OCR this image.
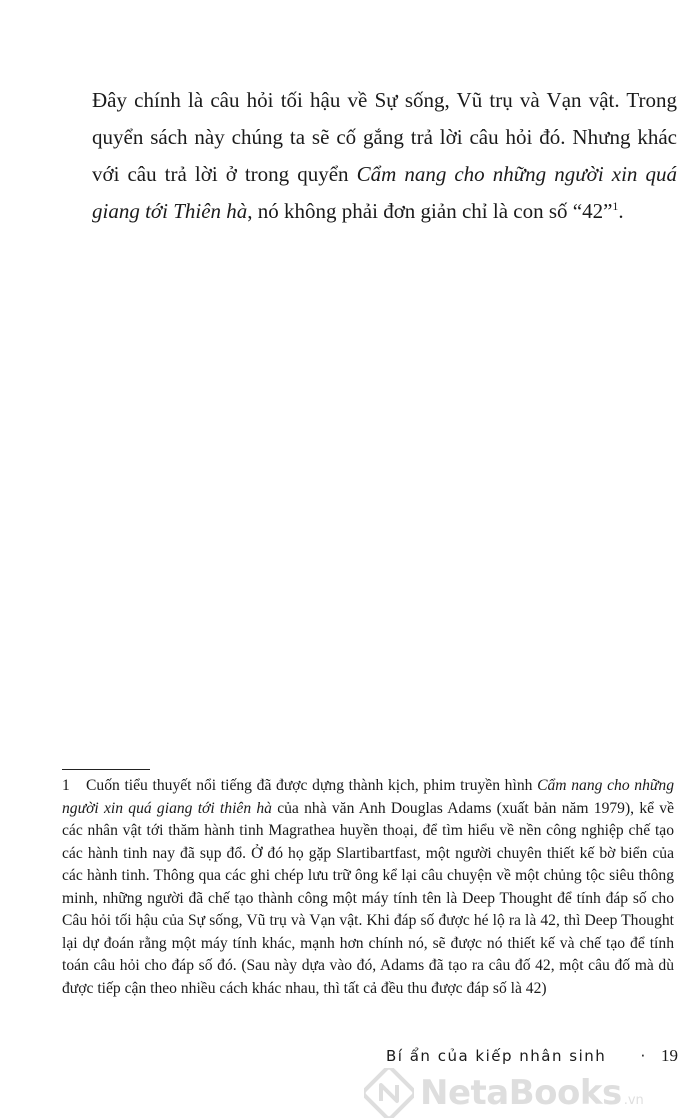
Đây chính là câu hỏi tối hậu về Sự sống, Vũ trụ và Vạn vật. Trong quyển sách này chúng ta sẽ cố gắng trả lời câu hỏi đó. Nhưng khác với câu trả lời ở trong quyển Cẩm nang cho những người xin quá giang tới Thiên hà, nó không phải đơn giản chỉ là con số “42”$^1$.

1 Cuốn tiểu thuyết nổi tiếng đã được dựng thành kịch, phim truyền hình Cẩm nang cho những người xin quá giang tới thiên hà của nhà văn Anh Douglas Adams (xuất bản năm 1979), kể về các nhân vật tới thăm hành tinh Magrathea huyền thoại, để tìm hiểu về nền công nghiệp chế tạo các hành tinh nay đã sụp đổ. Ở đó họ gặp Slartibartfast, một người chuyên thiết kế bờ biển của các hành tinh. Thông qua các ghi chép lưu trữ ông kể lại câu chuyện về một chủng tộc siêu thông minh, những người đã chế tạo thành công một máy tính tên là Deep Thought để tính đáp số cho Câu hỏi tối hậu của Sự sống, Vũ trụ và Vạn vật. Khi đáp số được hé lộ ra là 42, thì Deep Thought lại dự đoán rằng một máy tính khác, mạnh hơn chính nó, sẽ được nó thiết kế và chế tạo để tính toán câu hỏi cho đáp số đó. (Sau này dựa vào đó, Adams đã tạo ra câu đố 42, một câu đố mà dù được tiếp cận theo nhiều cách khác nhau, thì tất cả đều thu được đáp số là 42)

Bí ẩn của kiếp nhân sinh	· 19
NetaBooks .vn
